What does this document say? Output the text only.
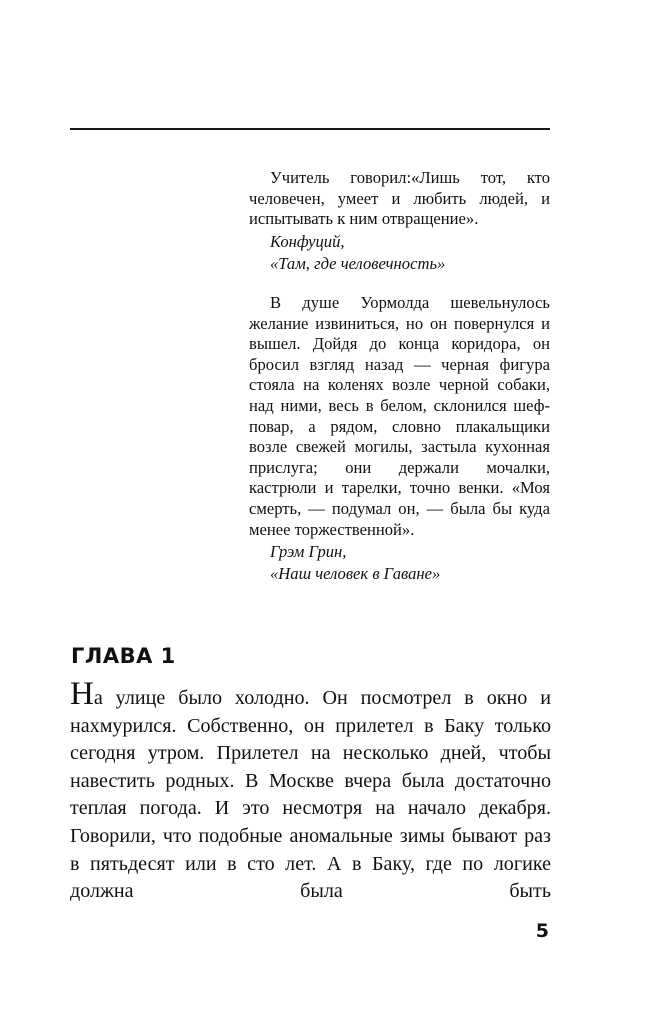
Учитель говорил:«Лишь тот, кто человечен, умеет и любить людей, и испытывать к ним отвращение».

Конфуций,

«Там, где человечность»

В душе Уормолда шевельнулось желание извиниться, но он повернулся и вышел. Дойдя до конца коридора, он бросил взгляд назад — черная фигура стояла на коленях возле черной собаки, над ними, весь в белом, склонился шеф-повар, а рядом, словно плакальщики возле свежей могилы, застыла кухонная прислуга; они держали мочалки, кастрюли и тарелки, точно венки. «Моя смерть, — подумал он, — была бы куда менее торжественной».

Грэм Грин,

«Наш человек в Гаване»

ГЛАВА 1
На улице было холодно. Он посмотрел в окно и нахмурился. Собственно, он прилетел в Баку только сегодня утром. Прилетел на несколько дней, чтобы навестить родных. В Москве вчера была достаточно теплая погода. И это несмотря на начало декабря. Говорили, что подобные аномальные зимы бывают раз в пятьдесят или в сто лет. А в Баку, где по логике должна была быть
5
